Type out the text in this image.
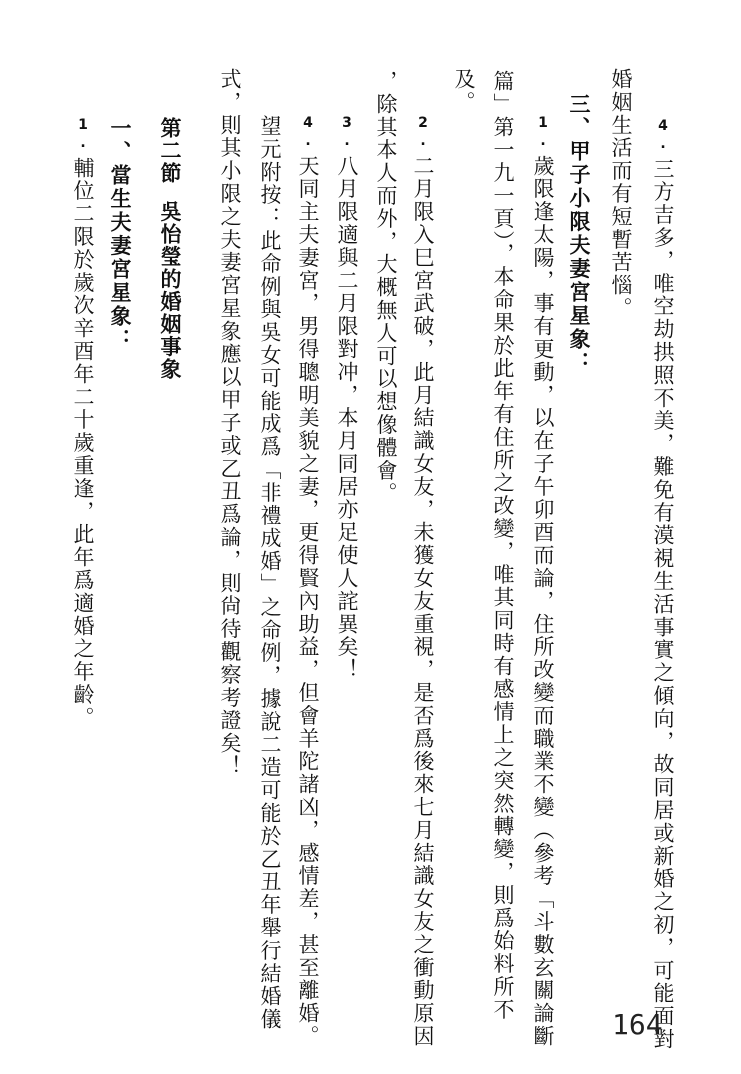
4.三方吉多，唯空劫拱照不美，難免有漠視生活事實之傾向，故同居或新婚之初，可能面對
婚姻生活而有短暫苦惱。
三、甲子小限夫妻宮星象：
1.歲限逢太陽，事有更動，以在子午卯酉而論，住所改變而職業不變（參考「斗數玄關論斷
篇」第一九一頁），本命果於此年有住所之改變，唯其同時有感情上之突然轉變，則爲始料所不
及。
2.二月限入巳宮武破，此月結識女友，未獲女友重視，是否爲後來七月結識女友之衝動原因
，除其本人而外，大概無人可以想像體會。
3.八月限適與二月限對冲，本月同居亦足使人詫異矣！
4.天同主夫妻宮，男得聰明美貌之妻，更得賢內助益，但會羊陀諸凶，感情差，甚至離婚。
望元附按：此命例與吳女可能成爲「非禮成婚」之命例，據說二造可能於乙丑年舉行結婚儀
式，則其小限之夫妻宮星象應以甲子或乙丑爲論，則尙待觀察考證矣！
第二節吳怡瑩的婚姻事象
一、當生夫妻宮星象：
1.輔位二限於歲次辛酉年二十歲重逢，此年爲適婚之年齡。
164
